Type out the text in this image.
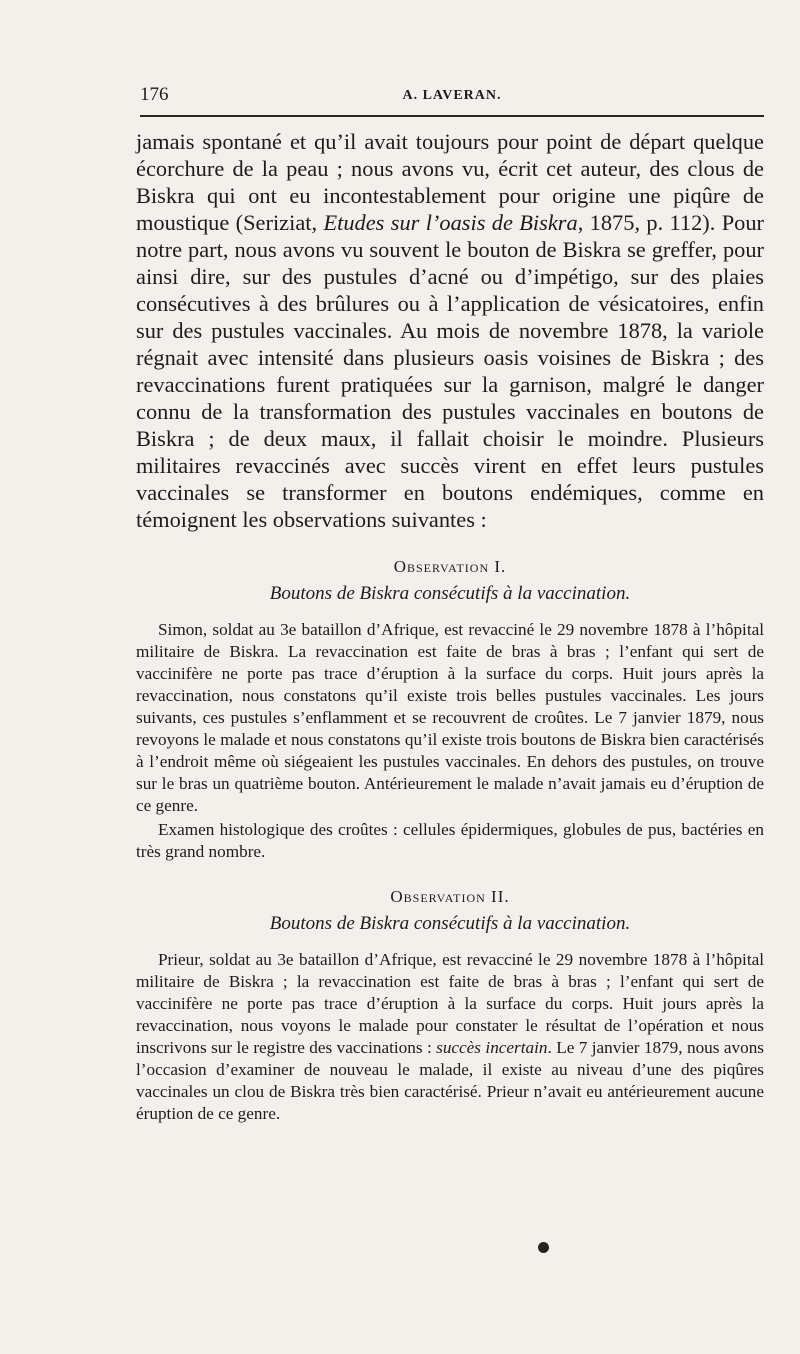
176	A. LAVERAN.

jamais spontané et qu’il avait toujours pour point de départ quelque écorchure de la peau ; nous avons vu, écrit cet auteur, des clous de Biskra qui ont eu incontestablement pour origine une piqûre de moustique (Seriziat, Etudes sur l’oasis de Biskra, 1875, p. 112). Pour notre part, nous avons vu souvent le bouton de Biskra se greffer, pour ainsi dire, sur des pustules d’acné ou d’impétigo, sur des plaies consécutives à des brûlures ou à l’application de vésicatoires, enfin sur des pustules vaccinales. Au mois de novembre 1878, la variole régnait avec intensité dans plusieurs oasis voisines de Biskra ; des revaccinations furent pratiquées sur la garnison, malgré le danger connu de la transformation des pustules vaccinales en boutons de Biskra ; de deux maux, il fallait choisir le moindre. Plusieurs militaires revaccinés avec succès virent en effet leurs pustules vaccinales se transformer en boutons endémiques, comme en témoignent les observations suivantes :

Observation I.
Boutons de Biskra consécutifs à la vaccination.

Simon, soldat au 3e bataillon d’Afrique, est revacciné le 29 novembre 1878 à l’hôpital militaire de Biskra. La revaccination est faite de bras à bras ; l’enfant qui sert de vaccinifère ne porte pas trace d’éruption à la surface du corps. Huit jours après la revaccination, nous constatons qu’il existe trois belles pustules vaccinales. Les jours suivants, ces pustules s’enflamment et se recouvrent de croûtes. Le 7 janvier 1879, nous revoyons le malade et nous constatons qu’il existe trois boutons de Biskra bien caractérisés à l’endroit même où siégeaient les pustules vaccinales. En dehors des pustules, on trouve sur le bras un quatrième bouton. Antérieurement le malade n’avait jamais eu d’éruption de ce genre.

Examen histologique des croûtes : cellules épidermiques, globules de pus, bactéries en très grand nombre.

Observation II.
Boutons de Biskra consécutifs à la vaccination.

Prieur, soldat au 3e bataillon d’Afrique, est revacciné le 29 novembre 1878 à l’hôpital militaire de Biskra ; la revaccination est faite de bras à bras ; l’enfant qui sert de vaccinifère ne porte pas trace d’éruption à la surface du corps. Huit jours après la revaccination, nous voyons le malade pour constater le résultat de l’opération et nous inscrivons sur le registre des vaccinations : succès incertain. Le 7 janvier 1879, nous avons l’occasion d’examiner de nouveau le malade, il existe au niveau d’une des piqûres vaccinales un clou de Biskra très bien caractérisé. Prieur n’avait eu antérieurement aucune éruption de ce genre.
